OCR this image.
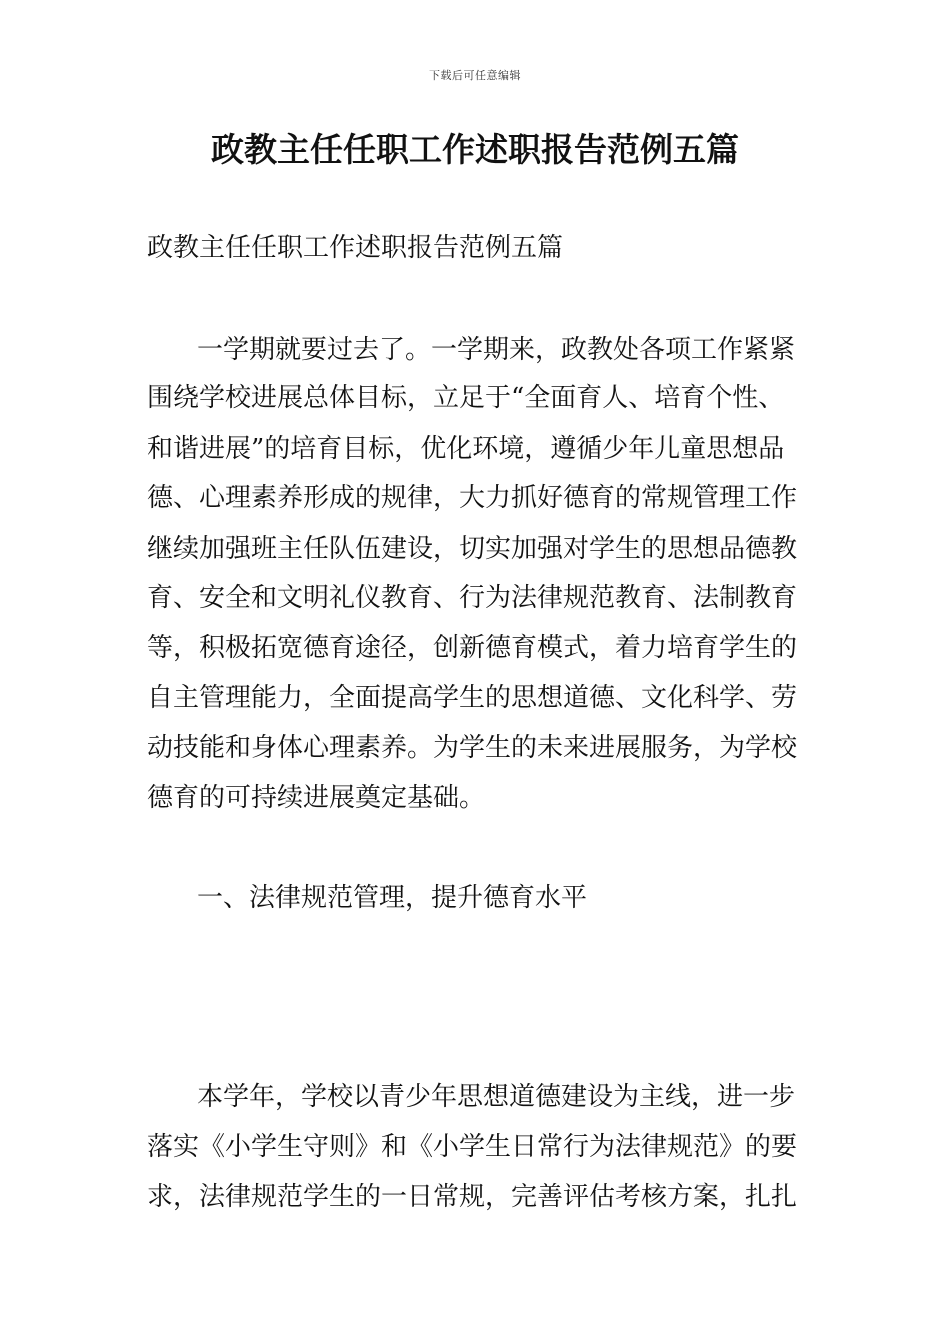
下载后可任意编辑
政教主任任职工作述职报告范例五篇

政教主任任职工作述职报告范例五篇

一学期就要过去了。一学期来，政教处各项工作紧紧

围绕学校进展总体目标，立足于“全面育人、培育个性、

和谐进展”的培育目标，优化环境，遵循少年儿童思想品

德、心理素养形成的规律，大力抓好德育的常规管理工作

继续加强班主任队伍建设，切实加强对学生的思想品德教

育、安全和文明礼仪教育、行为法律规范教育、法制教育

等，积极拓宽德育途径，创新德育模式，着力培育学生的

自主管理能力，全面提高学生的思想道德、文化科学、劳

动技能和身体心理素养。为学生的未来进展服务，为学校

德育的可持续进展奠定基础。

一、法律规范管理，提升德育水平

本学年，学校以青少年思想道德建设为主线，进一步

落实《小学生守则》和《小学生日常行为法律规范》的要

求，法律规范学生的一日常规，完善评估考核方案，扎扎
